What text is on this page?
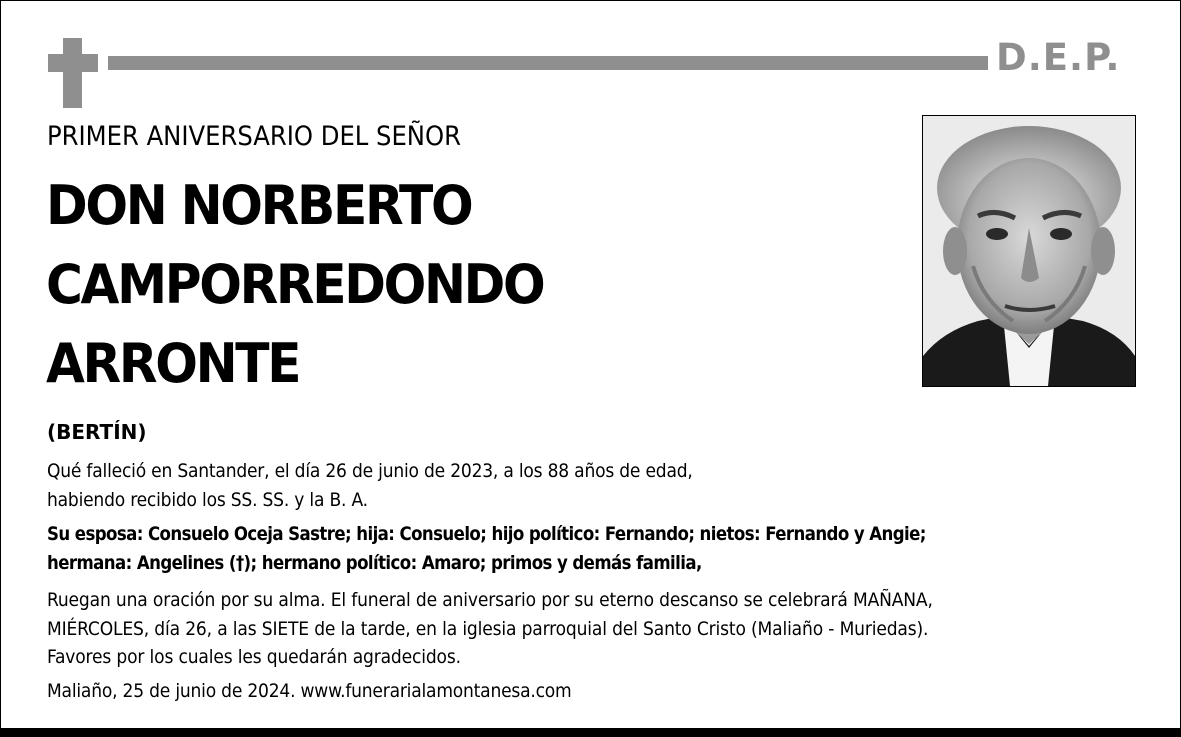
D.E.P.
PRIMER ANIVERSARIO DEL SEÑOR
DON NORBERTO
CAMPORREDONDO
ARRONTE
(BERTÍN)
Qué falleció en Santander, el día 26 de junio de 2023, a los 88 años de edad,
habiendo recibido los SS. SS. y la B. A.
Su esposa: Consuelo Oceja Sastre; hija: Consuelo; hijo político: Fernando; nietos: Fernando y Angie;
hermana: Angelines (†); hermano político: Amaro; primos y demás familia,
Ruegan una oración por su alma. El funeral de aniversario por su eterno descanso se celebrará MAÑANA,
MIÉRCOLES, día 26, a las SIETE de la tarde, en la iglesia parroquial del Santo Cristo (Maliaño - Muriedas).
Favores por los cuales les quedarán agradecidos.
Maliaño, 25 de junio de 2024. www.funerarialamontanesa.com
